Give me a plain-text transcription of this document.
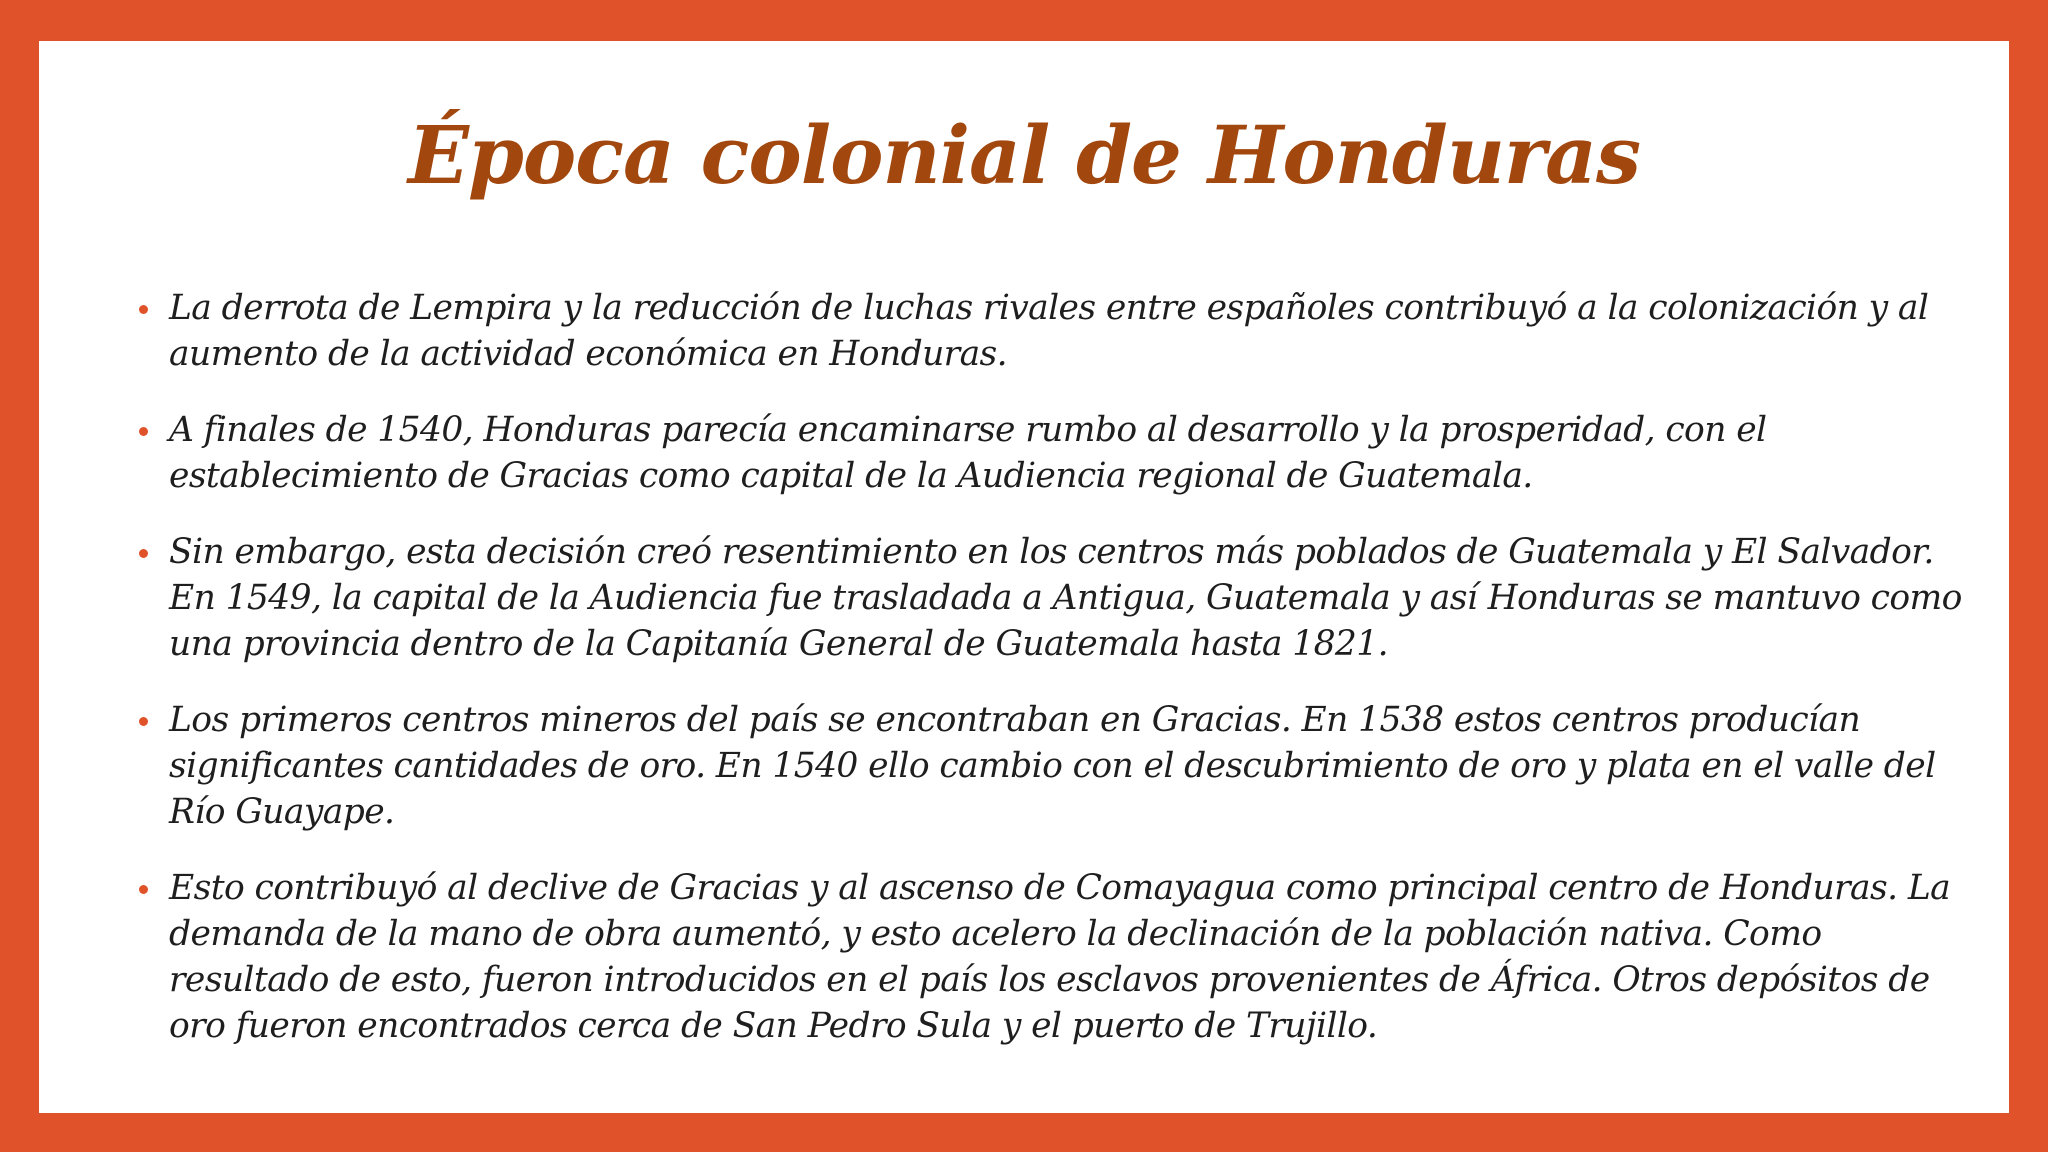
Época colonial de Honduras
La derrota de Lempira y la reducción de luchas rivales entre españoles contribuyó a la colonización y al aumento de la actividad económica en Honduras.
A finales de 1540, Honduras parecía encaminarse rumbo al desarrollo y la prosperidad, con el establecimiento de Gracias como capital de la Audiencia regional de Guatemala.
Sin embargo, esta decisión creó resentimiento en los centros más poblados de Guatemala y El Salvador. En 1549, la capital de la Audiencia fue trasladada a Antigua, Guatemala y así Honduras se mantuvo como una provincia dentro de la Capitanía General de Guatemala hasta 1821.
Los primeros centros mineros del país se encontraban en Gracias. En 1538 estos centros producían significantes cantidades de oro. En 1540 ello cambio con el descubrimiento de oro y plata en el valle del Río Guayape.
Esto contribuyó al declive de Gracias y al ascenso de Comayagua como principal centro de Honduras. La demanda de la mano de obra aumentó, y esto acelero la declinación de la población nativa. Como resultado de esto, fueron introducidos en el país los esclavos provenientes de África. Otros depósitos de oro fueron encontrados cerca de San Pedro Sula y el puerto de Trujillo.
